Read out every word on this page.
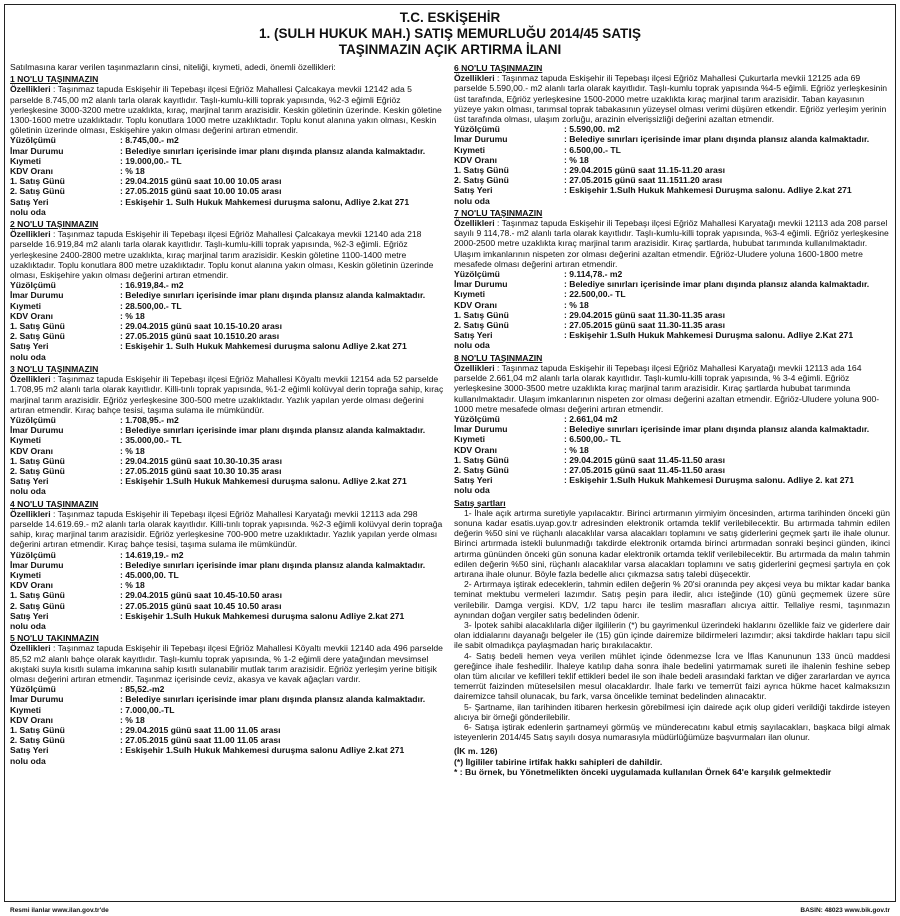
T.C. ESKİŞEHİR
1. (SULH HUKUK MAH.) SATIŞ MEMURLUĞU 2014/45 SATIŞ
TAŞINMAZIN AÇIK ARTIRMA İLANI
Satılmasına karar verilen taşınmazların cinsi, niteliği, kıymeti, adedi, önemli özellikleri:
1 NO'LU TAŞINMAZIN
Özellikleri : Taşınmaz tapuda Eskişehir ili Tepebaşı ilçesi Eğriöz Mahallesi Çalcakaya mevkii 12142 ada 5 parselde 8.745,00 m2 alanlı tarla olarak kayıtlıdır. Taşlı-kumlu-killi toprak yapısında, %2-3 eğimli Eğriöz yerleşkesine 3000-3200 metre uzaklıkta, kıraç, marjinal tarım arazisidir. Keskin göletinin üzerinde. Keskin göletine 1300-1600 metre uzaklıktadır. Toplu konutlara 1000 metre uzaklıktadır. Toplu konut alanına yakın olması, Keskin göletinin üzerinde olması, Eskişehire yakın olması değerini artıran etmendir.
Yüzölçümü	: 8.745,00.- m2
İmar Durumu	: Belediye sınırları içerisinde imar planı dışında plansız alanda kalmaktadır.
Kıymeti	: 19.000,00.- TL
KDV Oranı	: % 18
1. Satış Günü	: 29.04.2015 günü saat 10.00 10.05 arası
2. Satış Günü	: 27.05.2015 günü saat 10.00 10.05 arası
Satış Yeri	: Eskişehir 1. Sulh Hukuk Mahkemesi duruşma salonu, Adliye 2.kat 271
nolu oda
2 NO'LU TAŞINMAZIN
Özellikleri : Taşınmaz tapuda Eskişehir ili Tepebaşı ilçesi Eğriöz Mahallesi Çalcakaya mevkii 12140 ada 218 parselde 16.919,84 m2 alanlı tarla olarak kayıtlıdır. Taşlı-kumlu-killi toprak yapısında, %2-3 eğimli. Eğriöz yerleşkesine 2400-2800 metre uzaklıkta, kıraç marjinal tarım arazisidir. Keskin göletine 1100-1400 metre uzaklıktadır. Toplu konutlara 800 metre uzaklıktadır. Toplu konut alanına yakın olması, Keskin göletinin üzerinde olması, Eskişehire yakın olması değerini artıran etmendir.
Yüzölçümü	: 16.919,84.- m2
İmar Durumu	: Belediye sınırları içerisinde imar planı dışında plansız alanda kalmaktadır.
Kıymeti	: 28.500,00.- TL
KDV Oranı	: % 18
1. Satış Günü	: 29.04.2015 günü saat 10.15-10.20 arası
2. Satış Günü	: 27.05.2015 günü saat 10.1510.20 arası
Satış Yeri	: Eskişehir 1. Sulh Hukuk Mahkemesi duruşma salonu Adliye 2.kat 271
nolu oda
3 NO'LU TAŞINMAZIN
Özellikleri : Taşınmaz tapuda Eskişehir ili Tepebaşı ilçesi Eğriöz Mahallesi Köyaltı mevkii 12154 ada 52 parselde 1.708,95 m2 alanlı tarla olarak kayıtlıdır. Killi-tınlı toprak yapısında, %1-2 eğimli kolüvyal derin toprağa sahip, kıraç marjinal tarım arazisidir. Eğriöz yerleşkesine 300-500 metre uzaklıktadır. Yazlık yapılan yerde olması değerini artıran etmendir. Kıraç bahçe tesisi, taşıma sulama ile mümkündür.
Yüzölçümü	: 1.708,95.- m2
İmar Durumu	: Belediye sınırları içerisinde imar planı dışında plansız alanda kalmaktadır.
Kıymeti	: 35.000,00.- TL
KDV Oranı	: % 18
1. Satış Günü	: 29.04.2015 günü saat 10.30-10.35 arası
2. Satış Günü	: 27.05.2015 günü saat 10.30 10.35 arası
Satış Yeri	: Eskişehir 1.Sulh Hukuk Mahkemesi duruşma salonu. Adliye 2.kat 271
nolu oda
4 NO'LU TAŞINMAZIN
Özellikleri : Taşınmaz tapuda Eskişehir ili Tepebaşı ilçesi Eğriöz Mahallesi Karyatağı mevkii 12113 ada 298 parselde 14.619.69.- m2 alanlı tarla olarak kayıtlıdır. Killi-tınlı toprak yapısında. %2-3 eğimli kolüvyal derin toprağa sahip, kıraç marjinal tarım arazisidir. Eğriöz yerleşkesine 700-900 metre uzaklıktadır. Yazlık yapılan yerde olması değerini artıran etmendir. Kıraç bahçe tesisi, taşıma sulama ile mümkündür.
Yüzölçümü	: 14.619,19.- m2
İmar Durumu	: Belediye sınırları içerisinde imar planı dışında plansız alanda kalmaktadır.
Kıymeti	: 45.000,00. TL
KDV Oranı	: % 18
1. Satış Günü	: 29.04.2015 günü saat 10.45-10.50 arası
2. Satış Günü	: 27.05.2015 günü saat 10.45 10.50 arası
Satış Yeri	: Eskişehir 1.Sulh Hukuk Mahkemesi duruşma salonu Adliye 2.kat 271
nolu oda
5 NO'LU TAKINMAZIN
Özellikleri : Taşınmaz tapuda Eskişehir ili Tepebaşı ilçesi Eğriöz Mahallesi Köyaltı mevkii 12140 ada 496 parselde 85,52 m2 alanlı bahçe olarak kayıtlıdır. Taşlı-kumlu toprak yapısında, % 1-2 eğimli dere yatağından mevsimsel akıştaki suyla kısıtlı sulama imkanına sahip kısıtlı sulanabilir mutlak tarım arazisidir. Eğriöz yerleşim yerine bitişik olması değerini artıran etmendir. Taşınmaz içerisinde ceviz, akasya ve kavak ağaçları vardır.
Yüzölçümü	: 85,52.-m2
İmar Durumu	: Belediye sınırları içerisinde imar planı dışında plansız alanda kalmaktadır.
Kıymeti	: 7.000,00.-TL
KDV Oranı	: % 18
1. Satış Günü	: 29.04.2015 günü saat 11.00 11.05 arası
2. Satış Günü	: 27.05.2015 günü saat 11.00 11.05 arası
Satış Yeri	: Eskişehir 1.Sulh Hukuk Mahkemesi duruşma salonu Adliye 2.kat 271
nolu oda
6 NO'LU TAŞINMAZIN
Özellikleri : Taşınmaz tapuda Eskişehir ili Tepebaşı ilçesi Eğriöz Mahallesi Çukurtarla mevkii 12125 ada 69 parselde 5.590,00.- m2 alanlı tarla olarak kayıtlıdır. Taşlı-kumlu toprak yapısında %4-5 eğimli. Eğriöz yerleşkesinin üst tarafında, Eğriöz yerleşkesine 1500-2000 metre uzaklıkta kıraç marjinal tarım arazisidir. Taban kayasının yüzeye yakın olması, tarımsal toprak tabakasının yüzeysel olması verimi düşüren etkendir. Eğriöz yerleşim yerinin üst tarafında olması, ulaşım zorluğu, arazinin elverişsizliği değerini azaltan etmendir.
Yüzölçümü	: 5.590,00. m2
İmar Durumu	: Belediye sınırları içerisinde imar planı dışında plansız alanda kalmaktadır.
Kıymeti	: 6.500,00.- TL
KDV Oranı	: % 18
1. Satış Günü	: 29.04.2015 günü saat 11.15-11.20 arası
2. Satış Günü	: 27.05.2015 günü saat 11.1511.20 arası
Satış Yeri	: Eskişehir 1.Sulh Hukuk Mahkemesi Duruşma salonu. Adliye 2.kat 271
nolu oda
7 NO'LU TAŞINMAZIN
Özellikleri : Taşınmaz tapuda Eskişehir ili Tepebaşı ilçesi Eğriöz Mahallesi Karyatağı mevkii 12113 ada 208 parsel sayılı 9 114,78.- m2 alanlı tarla olarak kayıtlıdır. Taşlı-kumlu-killi toprak yapısında, %3-4 eğimli. Eğriöz yerleşkesine 2000-2500 metre uzaklıkta kıraç marjinal tarım arazisidir. Kıraç şartlarda, hububat tarımında kullanılmaktadır. Ulaşım imkanlarının nispeten zor olması değerini azaltan etmendir. Eğriöz-Uludere yoluna 1600-1800 metre mesafede olması değerini artıran etmendir.
Yüzölçümü	: 9.114,78.- m2
İmar Durumu	: Belediye sınırları içerisinde imar planı dışında plansız alanda kalmaktadır.
Kıymeti	: 22.500,00.- TL
KDV Oranı	: % 18
1. Satış Günü	: 29.04.2015 günü saat 11.30-11.35 arası
2. Satış Günü	: 27.05.2015 günü saat 11.30-11.35 arası
Satış Yeri	: Eskişehir 1.Sulh Hukuk Mahkemesi Duruşma salonu. Adliye 2.Kat 271
nolu oda
8 NO'LU TAŞINMAZIN
Özellikleri : Taşınmaz tapuda Eskişehir ili Tepebaşı ilçesi Eğriöz Mahallesi Karyatağı mevkii 12113 ada 164 parselde 2.661,04 m2 alanlı tarla olarak kayıtlıdır. Taşlı-kumlu-killi toprak yapısında, % 3-4 eğimli. Eğriöz yerleşkesine 3000-3500 metre uzaklıkta kıraç marjinal tarım arazisidir. Kıraç şartlarda hububat tarımında kullanılmaktadır. Ulaşım imkanlarının nispeten zor olması değerini azaltan etmendir. Eğriöz-Uludere yoluna 900-1000 metre mesafede olması değerini artıran etmendir.
Yüzölçümü	: 2.661,04 m2
İmar Durumu	: Belediye sınırları içerisinde imar planı dışında plansız alanda kalmaktadır.
Kıymeti	: 6.500,00.- TL
KDV Oranı	: % 18
1. Satış Günü	: 29.04.2015 günü saat 11.45-11.50 arası
2. Satış Günü	: 27.05.2015 günü saat 11.45-11.50 arası
Satış Yeri	: Eskişehir 1.Sulh Hukuk Mahkemesi Duruşma salonu. Adliye 2. kat 271
nolu oda
Satış şartları

1- İhale açık artırma suretiyle yapılacaktır. Birinci artırmanın yirmiyim öncesinden, artırma tarihinden önceki gün sonuna kadar esatis.uyap.gov.tr adresinden elektronik ortamda teklif verilebilecektir. Bu artırmada tahmin edilen değerin %50 sini ve rüçhanlı alacaklılar varsa alacakları toplamını ve satış giderlerini geçmek şartı ile ihale olunur. Birinci artırmada istekli bulunmadığı takdirde elektronik ortamda birinci artırmadan sonraki beşinci günden, ikinci artırma gününden önceki gün sonuna kadar elektronik ortamda teklif verilebilecektir. Bu artırmada da malın tahmin edilen değerin %50 sini, rüçhanlı alacaklılar varsa alacakları toplamını ve satış giderlerini geçmesi şartıyla en çok artırana ihale olunur. Böyle fazla bedelle alıcı çıkmazsa satış talebi düşecektir.

2- Artırmaya iştirak edeceklerin, tahmin edilen değerin % 20'si oranında pey akçesi veya bu miktar kadar banka teminat mektubu vermeleri lazımdır. Satış peşin para iledir, alıcı isteğinde (10) günü geçmemek üzere süre verilebilir. Damga vergisi. KDV, 1/2 tapu harcı ile teslim masrafları alıcıya aittir. Tellaliye resmi, taşınmazın aynından doğan vergiler satış bedelinden ödenir.

3- İpotek sahibi alacaklılarla diğer ilgililerin (*) bu gayrimenkul üzerindeki haklarını özellikle faiz ve giderlere dair olan iddialarını dayanağı belgeler ile (15) gün içinde dairemize bildirmeleri lazımdır; aksi takdirde hakları tapu sicil ile sabit olmadıkça paylaşmadan hariç bırakılacaktır.

4- Satış bedeli hemen veya verilen mühlet içinde ödenmezse İcra ve İflas Kanununun 133 üncü maddesi gereğince ihale feshedilir. İhaleye katılıp daha sonra ihale bedelini yatırmamak sureti ile ihalenin feshine sebep olan tüm alıcılar ve kefilleri teklif ettikleri bedel ile son ihale bedeli arasındaki farktan ve diğer zararlardan ve ayrıca temerrüt faizinden müteselsilen mesul olacaklardır. İhale farkı ve temerrüt faizi ayrıca hükme hacet kalmaksızın dairemizce tahsil olunacak, bu fark, varsa öncelikle teminat bedelinden alınacaktır.

5- Şartname, ilan tarihinden itibaren herkesin görebilmesi için dairede açık olup gideri verildiği takdirde isteyen alıcıya bir örneği gönderilebilir.

6- Satışa iştirak edenlerin şartnameyi görmüş ve münderecatını kabul etmiş sayılacakları, başkaca bilgi almak isteyenlerin 2014/45 Satış sayılı dosya numarasıyla müdürlüğümüze başvurmaları ilan olunur.

(İK m. 126)
(*) İlgililer tabirine irtifak hakkı sahipleri de dahildir.
* : Bu örnek, bu Yönetmelikten önceki uygulamada kullanılan Örnek 64'e karşılık gelmektedir
Resmi ilanlar www.ilan.gov.tr'de	BASIN: 48023 www.bik.gov.tr
